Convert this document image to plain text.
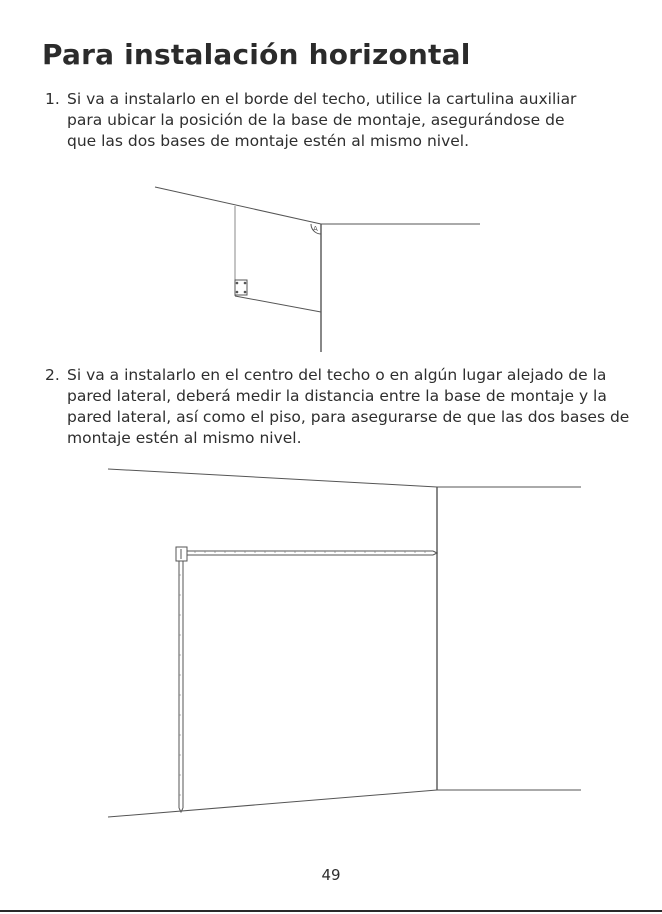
Para instalación horizontal
1. Si va a instalarlo en el borde del techo, utilice la cartulina auxiliar para ubicar la posición de la base de montaje, asegurándose de que las dos bases de montaje estén al mismo nivel.
A
2. Si va a instalarlo en el centro del techo o en algún lugar alejado de la pared lateral, deberá medir la distancia entre la base de montaje y la pared lateral, así como el piso, para asegurarse de que las dos bases de montaje estén al mismo nivel.
49
